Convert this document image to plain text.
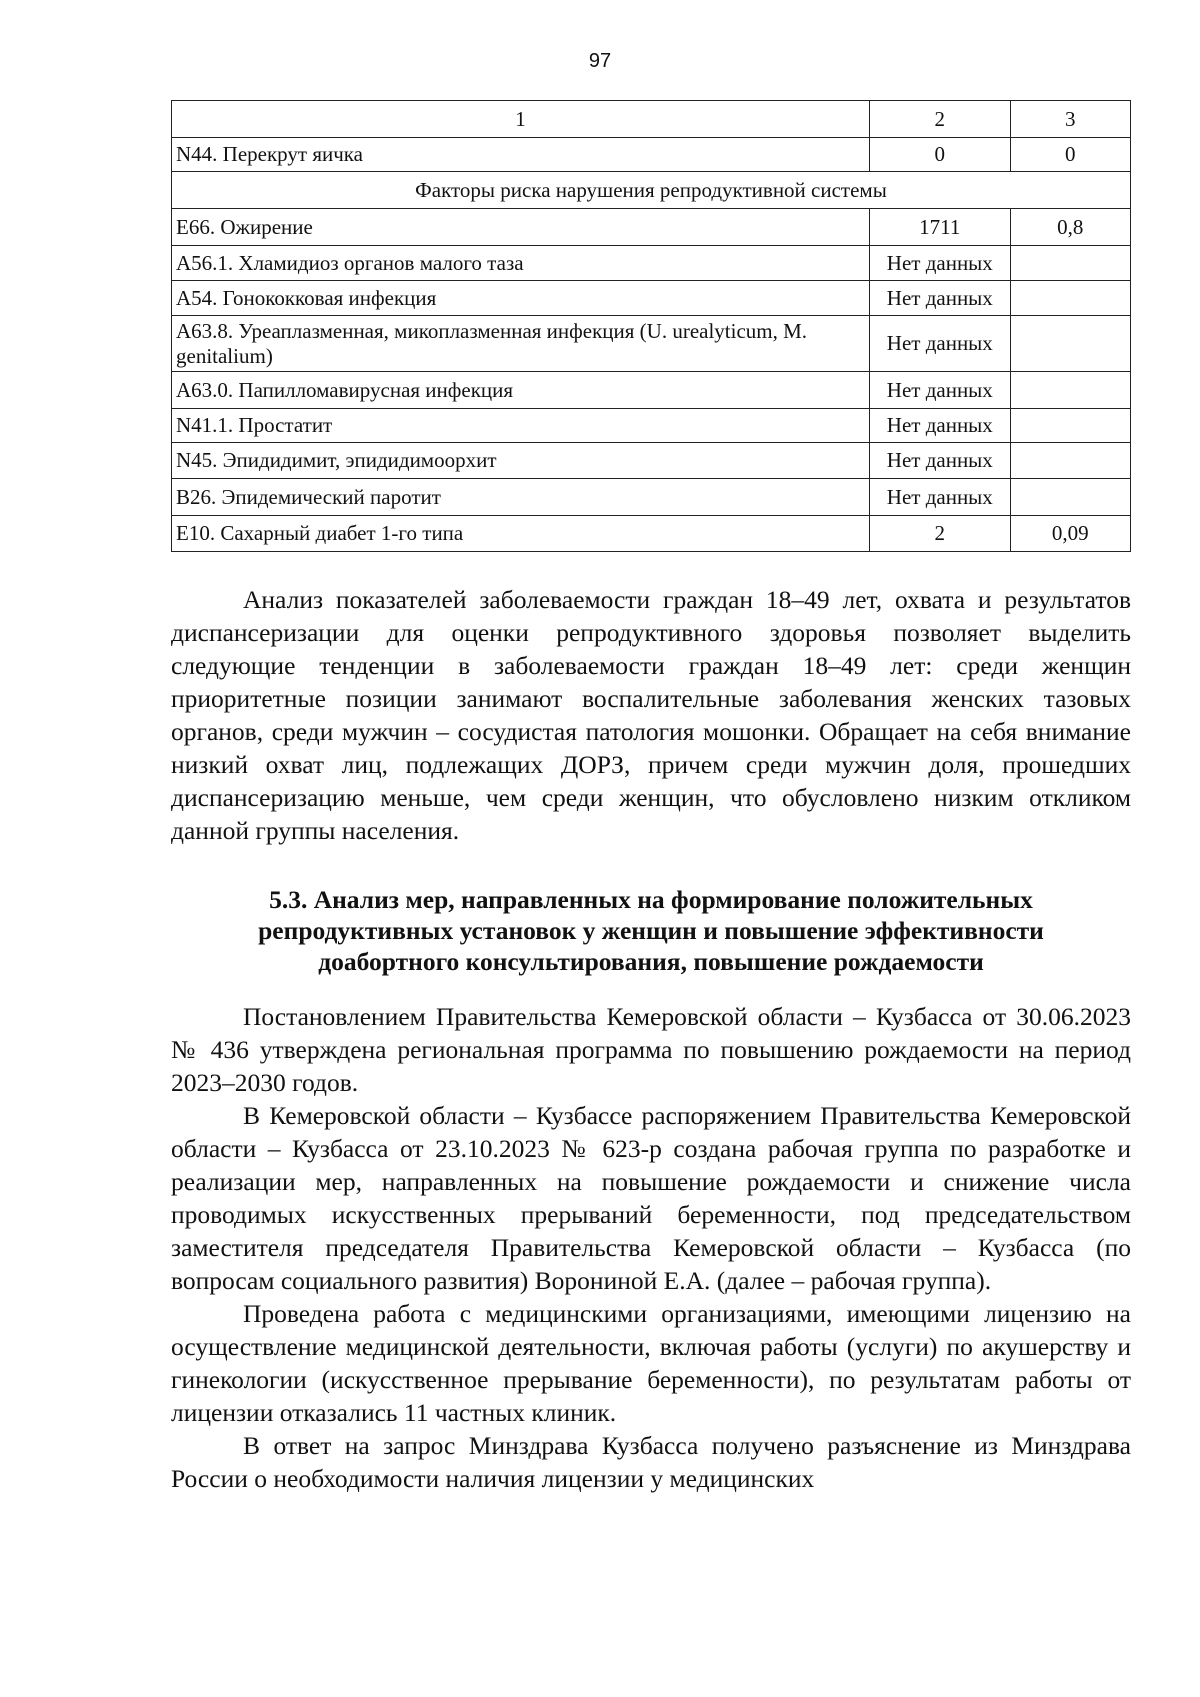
97
1	2	3
N44. Перекрут яичка	0	0
Факторы риска нарушения репродуктивной системы		
Е66. Ожирение	1711	0,8
А56.1. Хламидиоз органов малого таза	Нет данных	
А54. Гонококковая инфекция	Нет данных	
А63.8. Уреаплазменная, микоплазменная инфекция (U. urealyticum, M. genitalium)	Нет данных	
А63.0. Папилломавирусная инфекция	Нет данных	
N41.1. Простатит	Нет данных	
N45. Эпидидимит, эпидидимоорхит	Нет данных	
В26. Эпидемический паротит	Нет данных	
Е10. Сахарный диабет 1-го типа	2	0,09

Анализ показателей заболеваемости граждан 18–49 лет, охвата и результатов диспансеризации для оценки репродуктивного здоровья позволяет выделить следующие тенденции в заболеваемости граждан 18–49 лет: среди женщин приоритетные позиции занимают воспалительные заболевания женских тазовых органов, среди мужчин – сосудистая патология мошонки. Обращает на себя внимание низкий охват лиц, подлежащих ДОРЗ, причем среди мужчин доля, прошедших диспансеризацию меньше, чем среди женщин, что обусловлено низким откликом данной группы населения.

5.3. Анализ мер, направленных на формирование положительных
репродуктивных установок у женщин и повышение эффективности
доабортного консультирования, повышение рождаемости

Постановлением Правительства Кемеровской области – Кузбасса от 30.06.2023 № 436 утверждена региональная программа по повышению рождаемости на период 2023–2030 годов.

В Кемеровской области – Кузбассе распоряжением Правительства Кемеровской области – Кузбасса от 23.10.2023 № 623-р создана рабочая группа по разработке и реализации мер, направленных на повышение рождаемости и снижение числа проводимых искусственных прерываний беременности, под председательством заместителя председателя Правительства Кемеровской области – Кузбасса (по вопросам социального развития) Ворониной Е.А. (далее – рабочая группа).

Проведена работа с медицинскими организациями, имеющими лицензию на осуществление медицинской деятельности, включая работы (услуги) по акушерству и гинекологии (искусственное прерывание беременности), по результатам работы от лицензии отказались 11 частных клиник.

В ответ на запрос Минздрава Кузбасса получено разъяснение из Минздрава России о необходимости наличия лицензии у медицинских
